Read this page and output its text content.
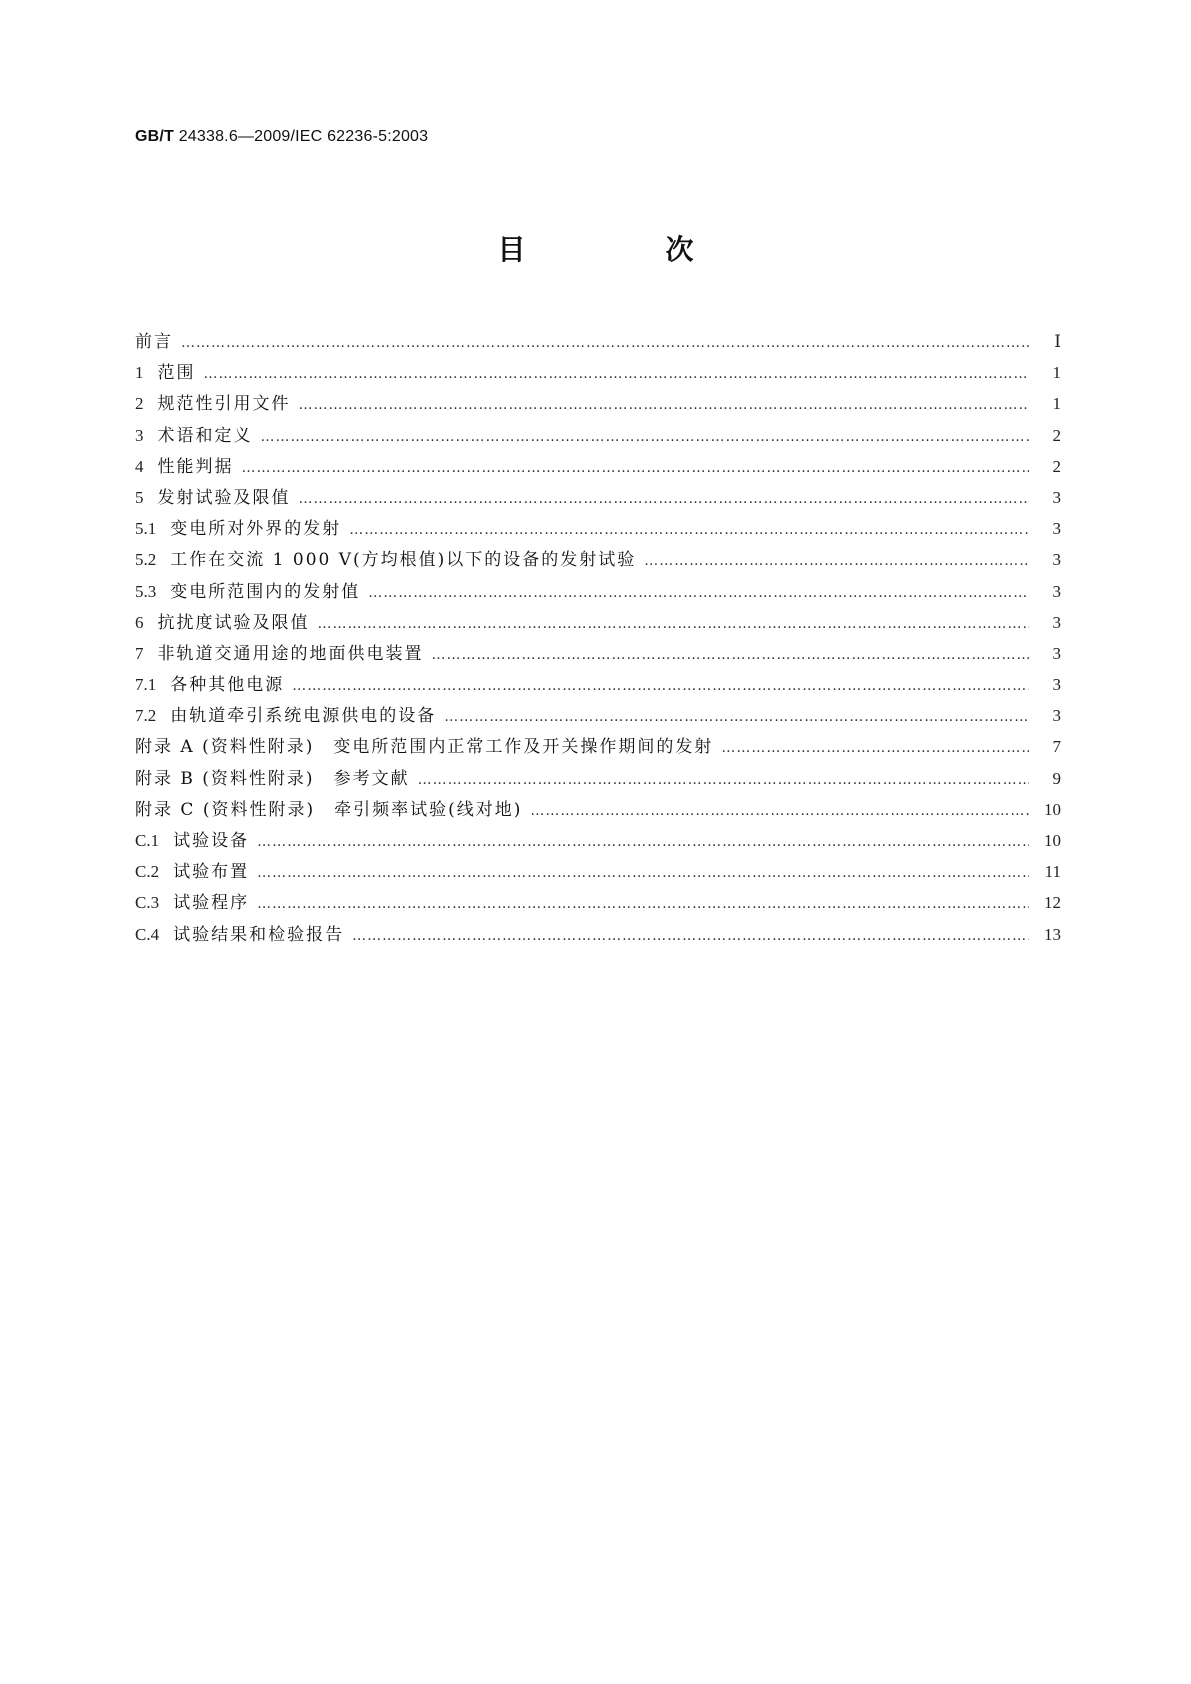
GB/T 24338.6—2009/IEC 62236-5:2003
目　次
前言 ……………………………………………………………………………………………………………………………………………………………………………………………………………………………………	Ⅰ
1 范围 ……………………………………………………………………………………………………………………………………………………………………………………………………………………………………	1
2 规范性引用文件 ……………………………………………………………………………………………………………………………………………………………………………………………………………………………………	1
3 术语和定义 ……………………………………………………………………………………………………………………………………………………………………………………………………………………………………	2
4 性能判据 ……………………………………………………………………………………………………………………………………………………………………………………………………………………………………	2
5 发射试验及限值 ……………………………………………………………………………………………………………………………………………………………………………………………………………………………………	3
5.1 变电所对外界的发射 ……………………………………………………………………………………………………………………………………………………………………………………………………………………………………	3
5.2 工作在交流 1 000 V(方均根值)以下的设备的发射试验 ……………………………………………………………………………………………………………………………………………………………………………………………………………………………………	3
5.3 变电所范围内的发射值 ……………………………………………………………………………………………………………………………………………………………………………………………………………………………………	3
6 抗扰度试验及限值 ……………………………………………………………………………………………………………………………………………………………………………………………………………………………………	3
7 非轨道交通用途的地面供电装置 ……………………………………………………………………………………………………………………………………………………………………………………………………………………………………	3
7.1 各种其他电源 ……………………………………………………………………………………………………………………………………………………………………………………………………………………………………	3
7.2 由轨道牵引系统电源供电的设备 ……………………………………………………………………………………………………………………………………………………………………………………………………………………………………	3
附录 A (资料性附录)　变电所范围内正常工作及开关操作期间的发射 ……………………………………………………………………………………………………………………………………………………………………………………………………………………………………	7
附录 B (资料性附录)　参考文献 ……………………………………………………………………………………………………………………………………………………………………………………………………………………………………	9
附录 C (资料性附录)　牵引频率试验(线对地) ……………………………………………………………………………………………………………………………………………………………………………………………………………………………………	10
C.1 试验设备 ……………………………………………………………………………………………………………………………………………………………………………………………………………………………………	10
C.2 试验布置 ……………………………………………………………………………………………………………………………………………………………………………………………………………………………………	11
C.3 试验程序 ……………………………………………………………………………………………………………………………………………………………………………………………………………………………………	12
C.4 试验结果和检验报告 ……………………………………………………………………………………………………………………………………………………………………………………………………………………………………	13
